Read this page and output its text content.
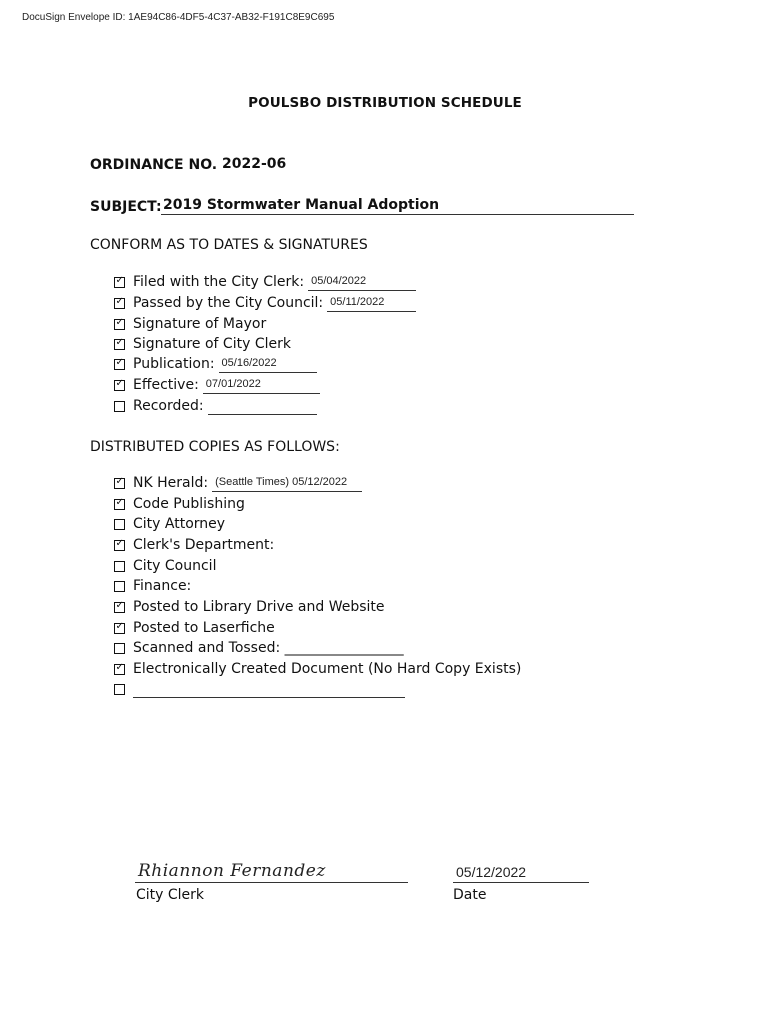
DocuSign Envelope ID: 1AE94C86-4DF5-4C37-AB32-F191C8E9C695
POULSBO DISTRIBUTION SCHEDULE
ORDINANCE NO. 2022-06
SUBJECT: 2019 Stormwater Manual Adoption
CONFORM AS TO DATES & SIGNATURES
✓ Filed with the City Clerk: 05/04/2022
✓ Passed by the City Council: 05/11/2022
✓ Signature of Mayor
✓ Signature of City Clerk
✓ Publication: 05/16/2022
✓ Effective: 07/01/2022
Recorded:
DISTRIBUTED COPIES AS FOLLOWS:
✓ NK Herald: (Seattle Times) 05/12/2022
✓ Code Publishing
City Attorney
✓ Clerk's Department:
City Council
Finance:
✓ Posted to Library Drive and Website
✓ Posted to Laserfiche
Scanned and Tossed: _________________
✓ Electronically Created Document (No Hard Copy Exists)
Rhiannon Fernandez
City Clerk
05/12/2022
Date
